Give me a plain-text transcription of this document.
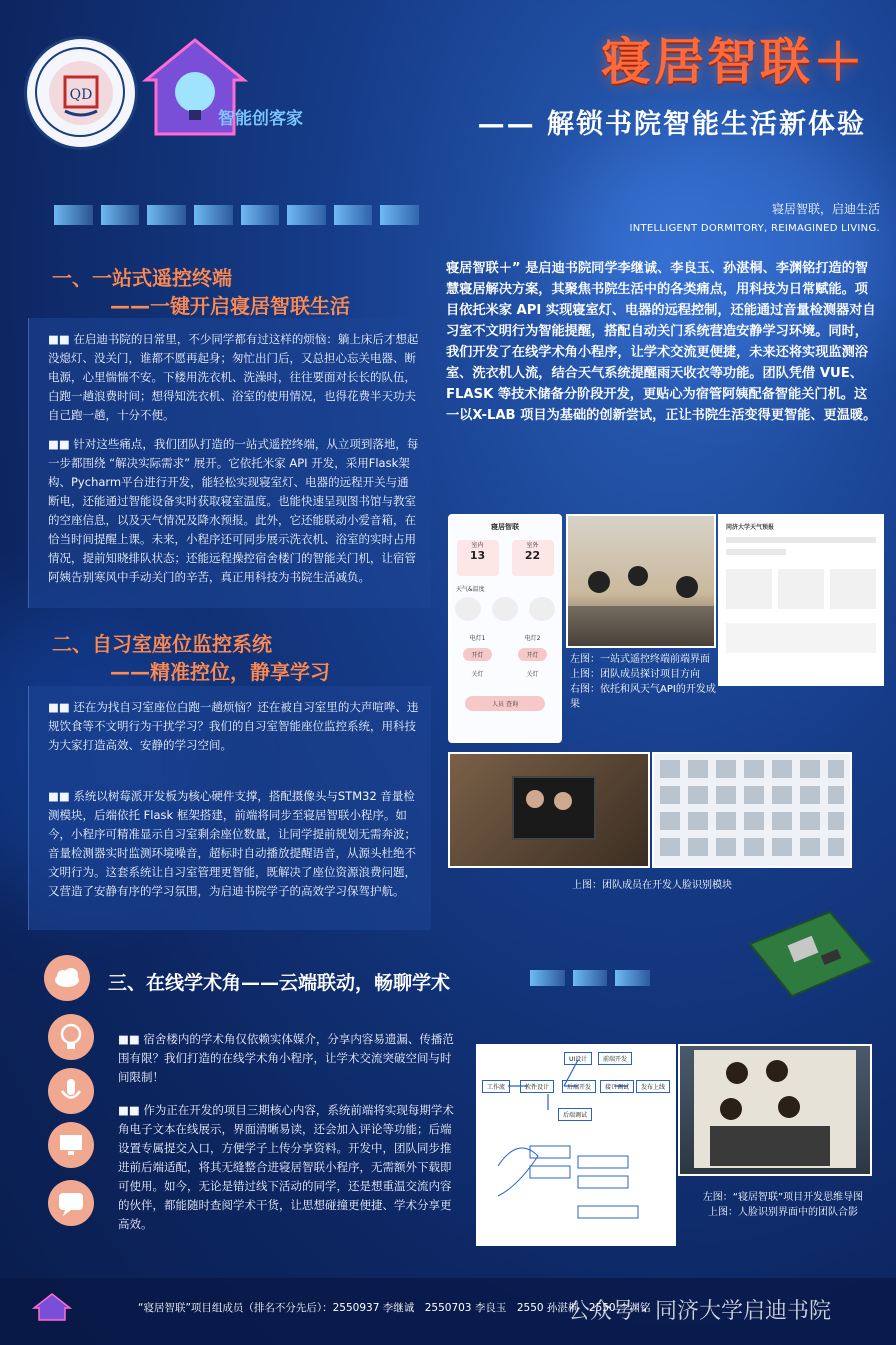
QD
智能创客家
寝居智联＋
—— 解锁书院智能生活新体验
寝居智联，启迪生活
INTELLIGENT DORMITORY, REIMAGINED LIVING.
一、一站式遥控终端
——一键开启寝居智联生活
■■ 在启迪书院的日常里，不少同学都有过这样的烦恼：躺上床后才想起没熄灯、没关门，谁都不愿再起身；匆忙出门后，又总担心忘关电器、断电源，心里惴惴不安。下楼用洗衣机、洗澡时，往往要面对长长的队伍，白跑一趟浪费时间；想得知洗衣机、浴室的使用情况，也得花费半天功夫自己跑一趟，十分不便。
■■ 针对这些痛点，我们团队打造的一站式遥控终端，从立项到落地，每一步都围绕 “解决实际需求” 展开。它依托米家 API 开发，采用Flask架构、Pycharm平台进行开发，能轻松实现寝室灯、电器的远程开关与通断电，还能通过智能设备实时获取寝室温度。也能快速呈现图书馆与教室的空座信息，以及天气情况及降水预报。此外，它还能联动小爱音箱，在恰当时间提醒上课。未来，小程序还可同步展示洗衣机、浴室的实时占用情况，提前知晓排队状态；还能远程操控宿舍楼门的智能关门机，让宿管阿姨告别寒风中手动关门的辛苦，真正用科技为书院生活减负。
寝居智联＋” 是启迪书院同学李继诚、李良玉、孙湛桐、李渊铭打造的智慧寝居解决方案，其聚焦书院生活中的各类痛点，用科技为日常赋能。项目依托米家 API 实现寝室灯、电器的远程控制，还能通过音量检测器对自习室不文明行为智能提醒，搭配自动关门系统营造安静学习环境。同时，我们开发了在线学术角小程序，让学术交流更便捷，未来还将实现监测浴室、洗衣机人流，结合天气系统提醒雨天收衣等功能。团队凭借 VUE、FLASK 等技术储备分阶段开发，更贴心为宿管阿姨配备智能关门机。这一以X-LAB 项目为基础的创新尝试，正让书院生活变得更智能、更温暖。
寝居智联
室内
13
室外
22
天气&温度
电灯1	电灯2
开灯	开灯
关灯	关灯
人员 查询
同济大学天气预报
左图：一站式遥控终端前端界面
上图：团队成员探讨项目方向
右图：依托和风天气API的开发成果
二、自习室座位监控系统
——精准控位，静享学习
■■ 还在为找自习室座位白跑一趟烦恼？还在被自习室里的大声喧哗、违规饮食等不文明行为干扰学习？我们的自习室智能座位监控系统，用科技为大家打造高效、安静的学习空间。
■■ 系统以树莓派开发板为核心硬件支撑，搭配摄像头与STM32 音量检测模块，后端依托 Flask 框架搭建，前端将同步至寝居智联小程序。如今，小程序可精准显示自习室剩余座位数量，让同学提前规划无需奔波；音量检测器实时监测环境噪音，超标时自动播放提醒语音，从源头杜绝不文明行为。这套系统让自习室管理更智能，既解决了座位资源浪费问题，又营造了安静有序的学习氛围，为启迪书院学子的高效学习保驾护航。	上图：团队成员在开发人脸识别模块
三、在线学术角——云端联动，畅聊学术
■■ 宿舍楼内的学术角仅依赖实体媒介，分享内容易遗漏、传播范围有限？我们打造的在线学术角小程序，让学术交流突破空间与时间限制！
■■ 作为正在开发的项目三期核心内容，系统前端将实现每期学术角电子文本在线展示，界面清晰易读，还会加入评论等功能；后端设置专属提交入口，方便学子上传分享资料。开发中，团队同步推进前后端适配，将其无缝整合进寝居智联小程序，无需额外下载即可使用。如今，无论是错过线下活动的同学，还是想重温交流内容的伙伴，都能随时查阅学术干货，让思想碰撞更便捷、学术分享更高效。
UI设计	前端开发
工作流	软件设计	后端开发	接口调试	发布上线
后端调试
左图：“寝居智联”项目开发思维导图
上图：人脸识别界面中的团队合影
“寝居智联”项目组成员（排名不分先后）：2550937 李继诚　2550703 李良玉　2550 孙湛桐　2550 李渊铭
公众号 · 同济大学启迪书院
